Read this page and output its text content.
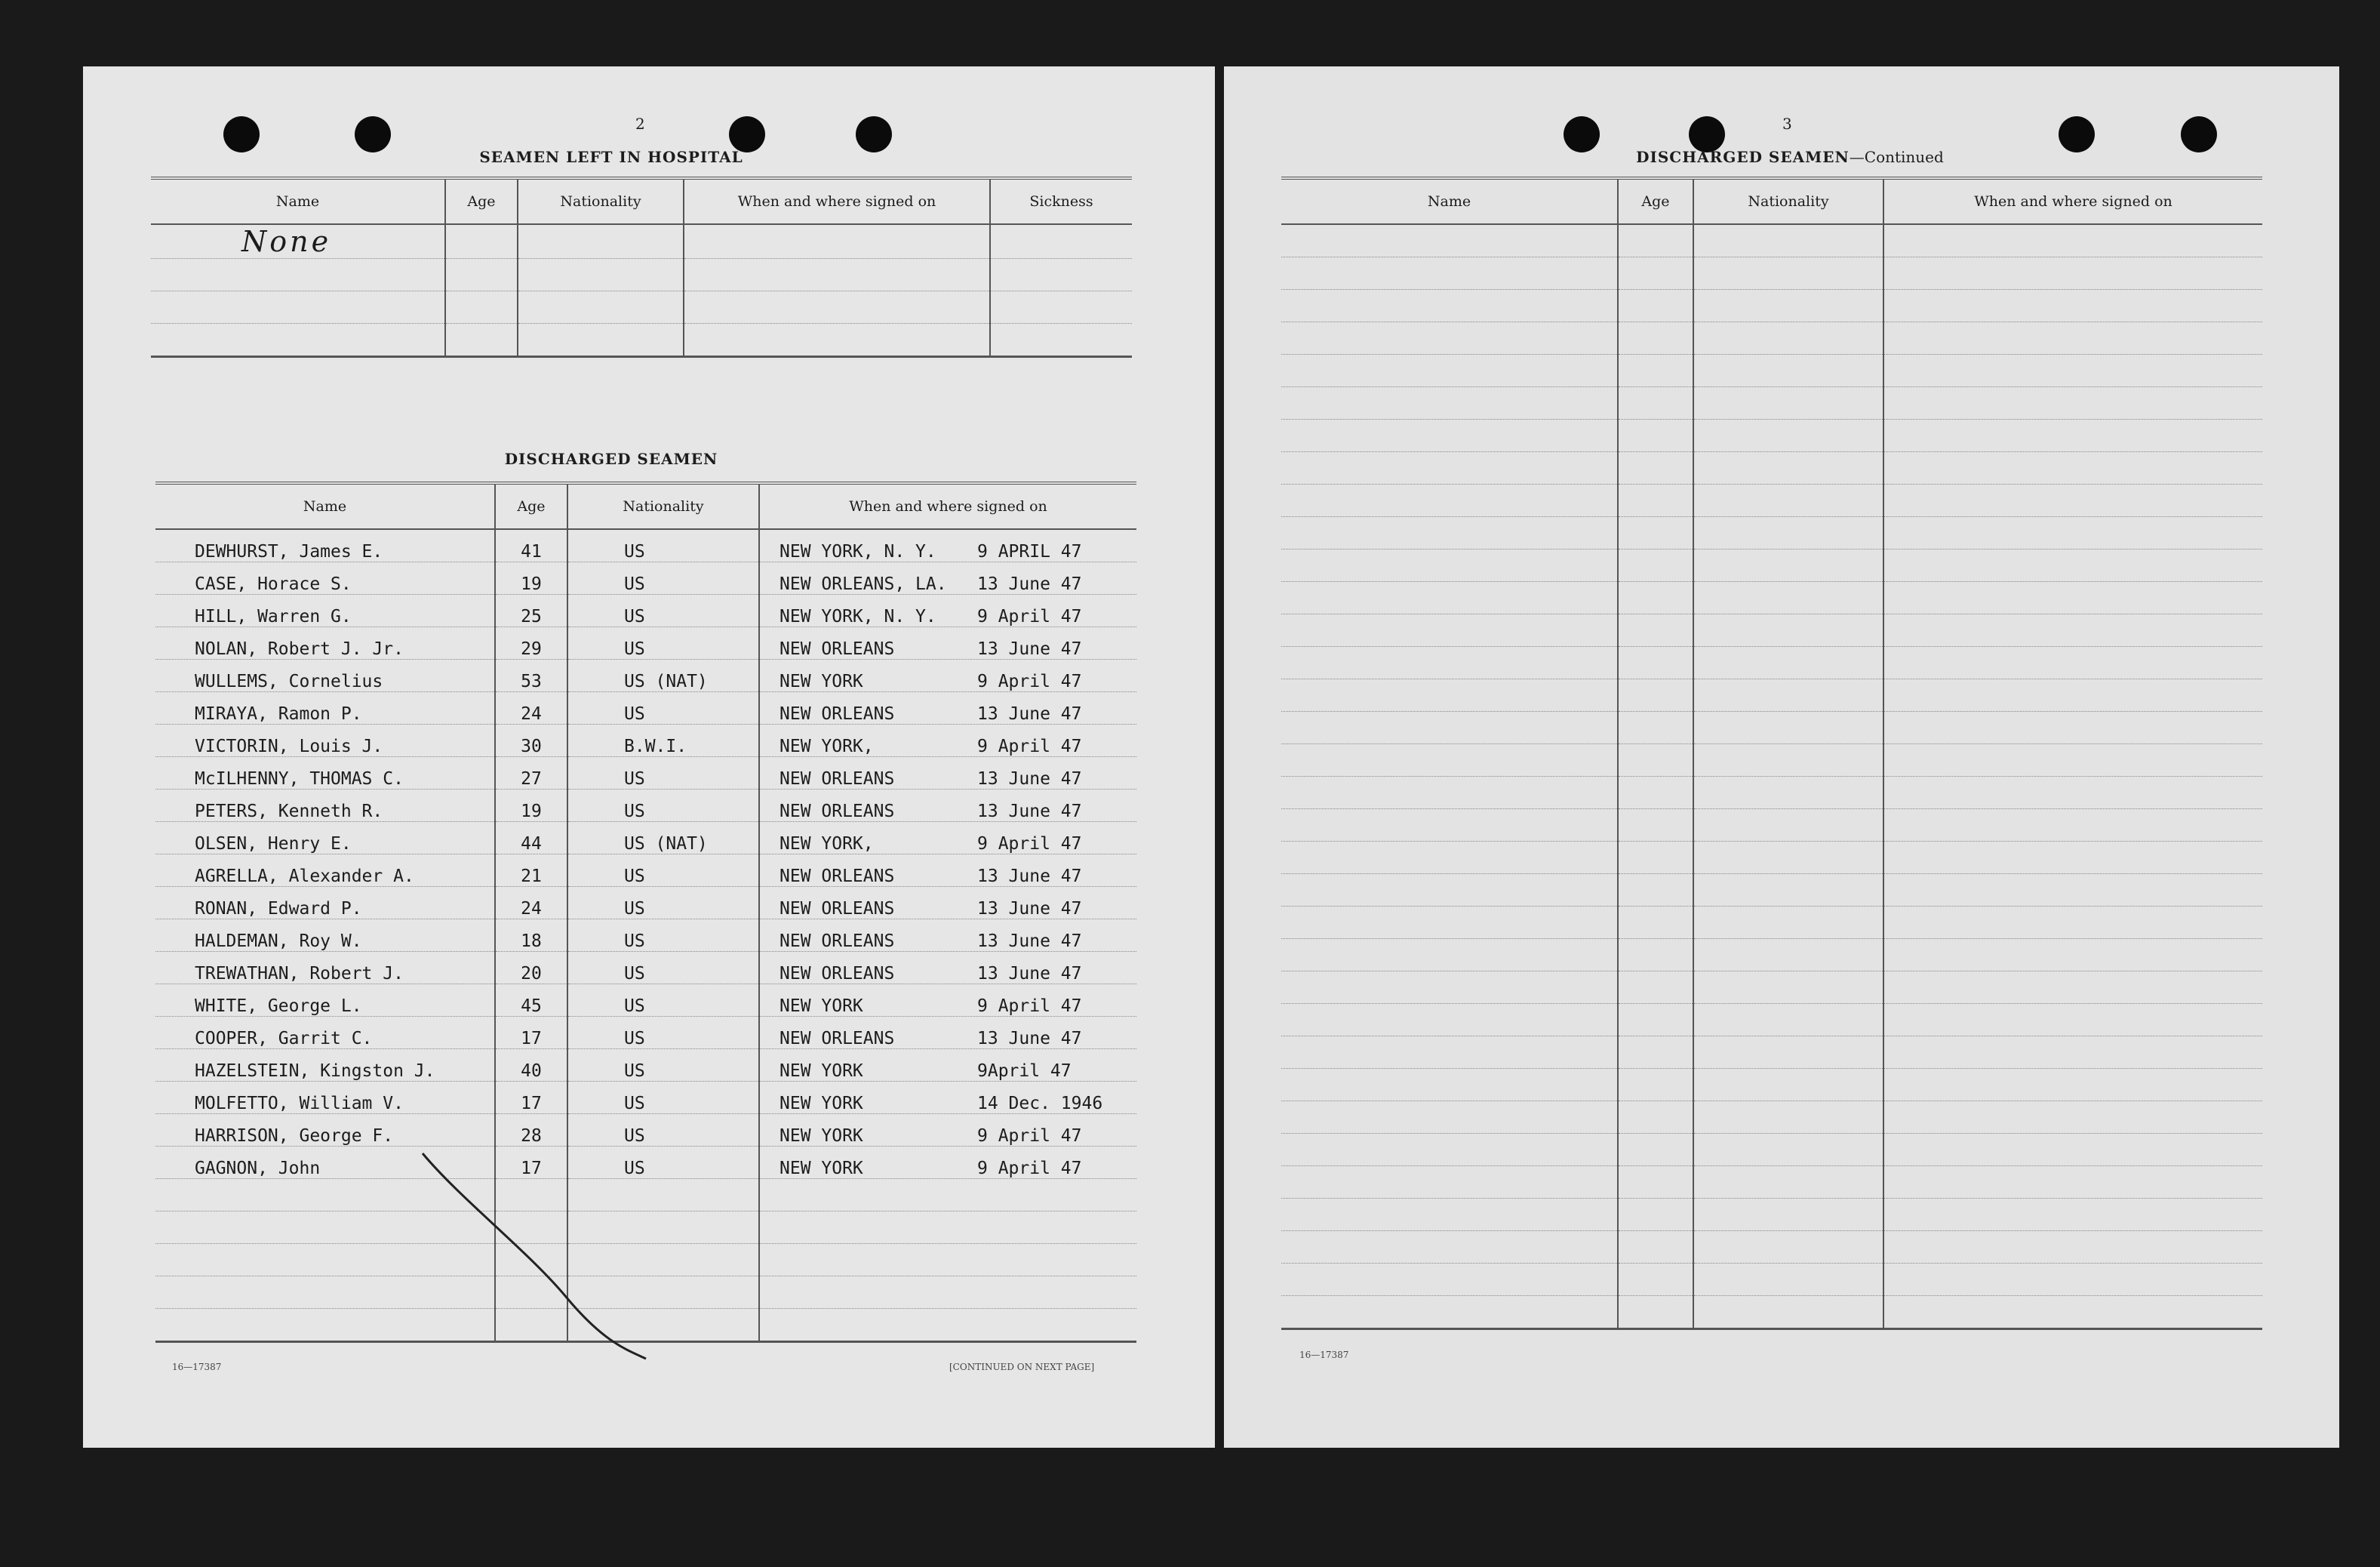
2
SEAMEN LEFT IN HOSPITAL
Name	Age	Nationality	When and where signed on	Sickness
None				

DISCHARGED SEAMEN
Name	Age	Nationality	When and where signed on
DEWHURST, James E.	41	US	NEW YORK, N. Y. 9 APRIL 47
CASE, Horace S.	19	US	NEW ORLEANS, LA. 13 June 47
HILL, Warren G.	25	US	NEW YORK, N. Y. 9 April 47
NOLAN, Robert J. Jr.	29	US	NEW ORLEANS 13 June 47
WULLEMS, Cornelius	53	US (NAT)	NEW YORK 9 April 47
MIRAYA, Ramon P.	24	US	NEW ORLEANS 13 June 47
VICTORIN, Louis J.	30	B.W.I.	NEW YORK, 9 April 47
McILHENNY, THOMAS C.	27	US	NEW ORLEANS 13 June 47
PETERS, Kenneth R.	19	US	NEW ORLEANS 13 June 47
OLSEN, Henry E.	44	US (NAT)	NEW YORK, 9 April 47
AGRELLA, Alexander A.	21	US	NEW ORLEANS 13 June 47
RONAN, Edward P.	24	US	NEW ORLEANS 13 June 47
HALDEMAN, Roy W.	18	US	NEW ORLEANS 13 June 47
TREWATHAN, Robert J.	20	US	NEW ORLEANS 13 June 47
WHITE, George L.	45	US	NEW YORK 9 April 47
COOPER, Garrit C.	17	US	NEW ORLEANS 13 June 47
HAZELSTEIN, Kingston J.	40	US	NEW YORK 9April 47
MOLFETTO, William V.	17	US	NEW YORK 14 Dec. 1946
HARRISON, George F.	28	US	NEW YORK 9 April 47
GAGNON, John	17	US	NEW YORK 9 April 47

16—17387	[CONTINUED ON NEXT PAGE]
3
DISCHARGED SEAMEN—Continued
Name	Age	Nationality	When and where signed on

16—17387
